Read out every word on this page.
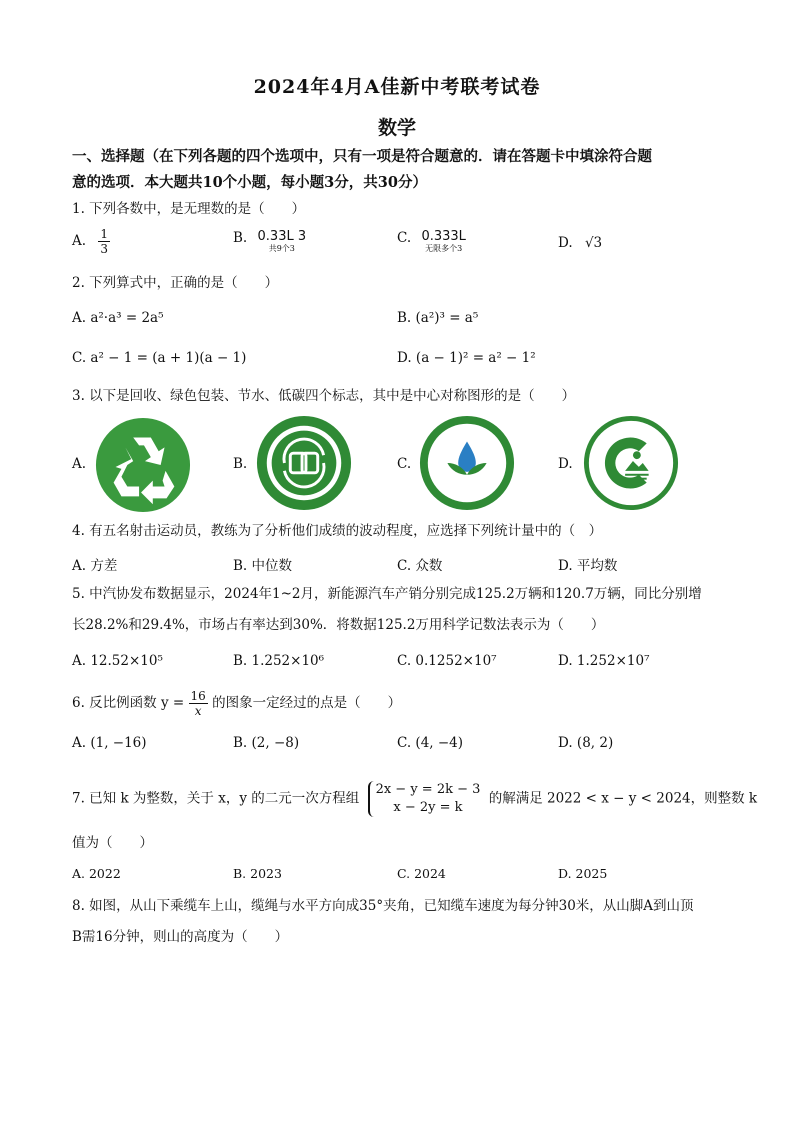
2024年4月A佳新中考联考试卷
数学
一、选择题（在下列各题的四个选项中，只有一项是符合题意的．请在答题卡中填涂符合题
意的选项．本大题共10个小题，每小题3分，共30分）
1. 下列各数中，是无理数的是（　　）
A. $\frac{1}{3}$	B. 0.33L 3
共9个3
C. 0.333L
无限多个3	D. √3
2. 下列算式中，正确的是（　　）
A. a²·a³ = 2a⁵	B. (a²)³ = a⁵
C. a² − 1 = (a + 1)(a − 1)	D. (a − 1)² = a² − 1²
3. 以下是回收、绿色包装、节水、低碳四个标志，其中是中心对称图形的是（　　）
A.	B.	C.	D.
4. 有五名射击运动员，教练为了分析他们成绩的波动程度，应选择下列统计量中的（　）
A. 方差	B. 中位数	C. 众数	D. 平均数
5. 中汽协发布数据显示，2024年1~2月，新能源汽车产销分别完成125.2万辆和120.7万辆，同比分别增
长28.2%和29.4%，市场占有率达到30%．将数据125.2万用科学记数法表示为（　　）
A. 12.52×10⁵	B. 1.252×10⁶	C. 0.1252×10⁷	D. 1.252×10⁷
6. 反比例函数 $y = \frac{16}{x}$ 的图象一定经过的点是（　　）
A. (1, −16)	B. (2, −8)	C. (4, −4)	D. (8, 2)
7. 已知 k 为整数，关于 x，y 的二元一次方程组
2x − y = 2k − 3
x − 2y = k
的解满足 2022 < x − y < 2024，则整数 k
值为（　　）
A. 2022	B. 2023	C. 2024	D. 2025
8. 如图，从山下乘缆车上山，缆绳与水平方向成35°夹角，已知缆车速度为每分钟30米，从山脚A到山顶
B需16分钟，则山的高度为（　　）
